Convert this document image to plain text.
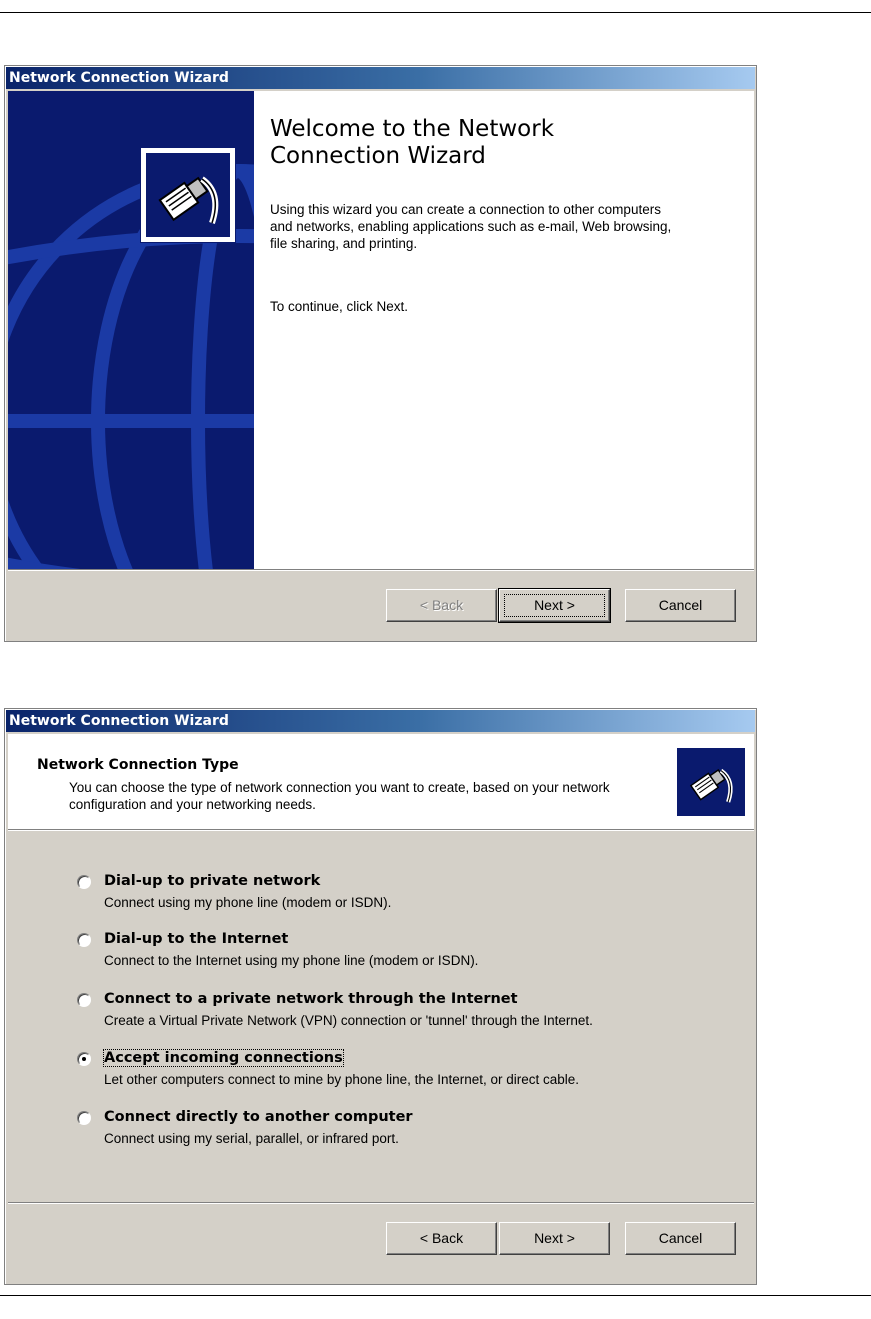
Network Connection Wizard
Welcome to the Network Connection Wizard
Using this wizard you can create a connection to other computers and networks, enabling applications such as e-mail, Web browsing, file sharing, and printing.
To continue, click Next.
< Back	Next >	Cancel
Network Connection Wizard
Network Connection Type
You can choose the type of network connection you want to create, based on your network configuration and your networking needs.
Dial-up to private network
Connect using my phone line (modem or ISDN).
Dial-up to the Internet
Connect to the Internet using my phone line (modem or ISDN).
Connect to a private network through the Internet
Create a Virtual Private Network (VPN) connection or 'tunnel' through the Internet.
Accept incoming connections
Let other computers connect to mine by phone line, the Internet, or direct cable.
Connect directly to another computer
Connect using my serial, parallel, or infrared port.
< Back	Next >	Cancel
